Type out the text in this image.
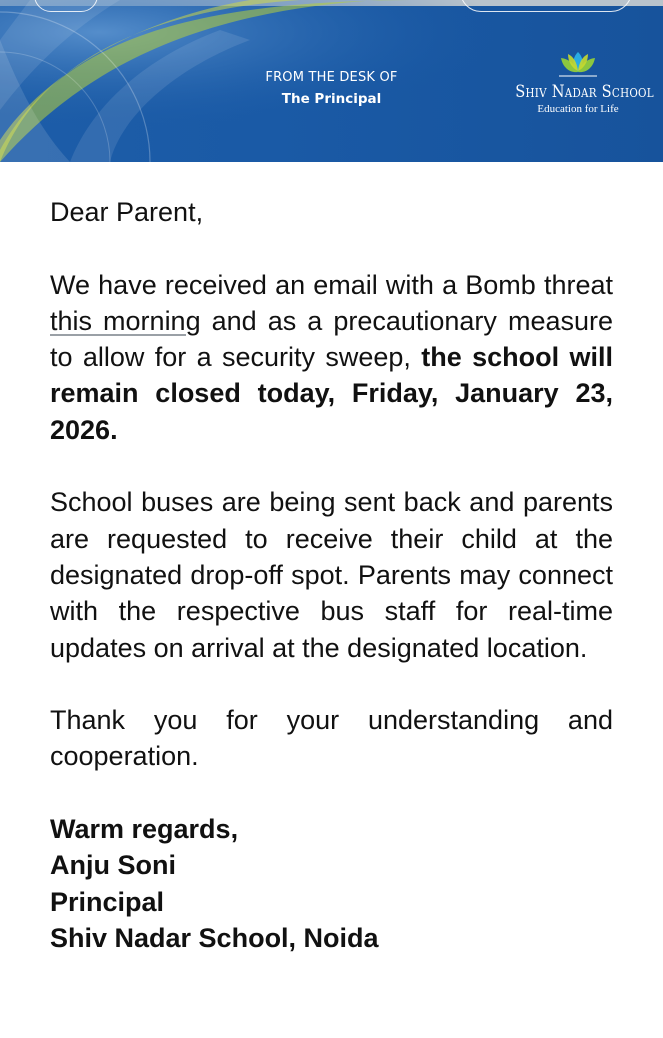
FROM THE DESK OF
The Principal	Shiv Nadar School
Education for Life

Dear Parent,

We have received an email with a Bomb threat this morning and as a precautionary measure to allow for a security sweep, the school will remain closed today, Friday, January 23, 2026.

School buses are being sent back and parents are requested to receive their child at the designated drop-off spot. Parents may connect with the respective bus staff for real-time updates on arrival at the designated location.

Thank you for your understanding and cooperation.

Warm regards,
Anju Soni
Principal
Shiv Nadar School, Noida
